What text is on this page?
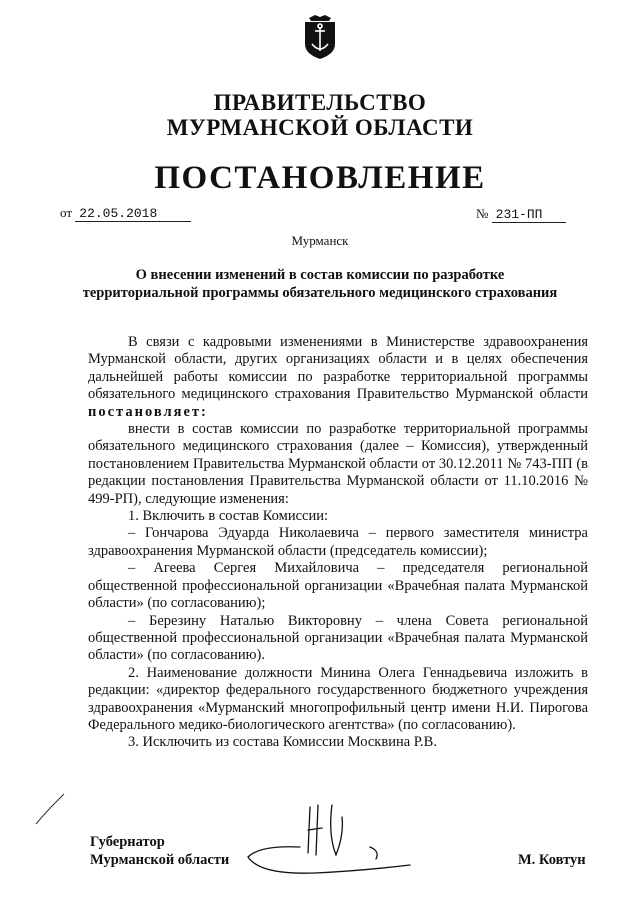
ПРАВИТЕЛЬСТВО
МУРМАНСКОЙ ОБЛАСТИ
ПОСТАНОВЛЕНИЕ
от 22.05.2018	№ 231-ПП
Мурманск
О внесении изменений в состав комиссии по разработке
территориальной программы обязательного медицинского страхования

В связи с кадровыми изменениями в Министерстве здравоохранения Мурманской области, других организациях области и в целях обеспечения дальнейшей работы комиссии по разработке территориальной программы обязательного медицинского страхования Правительство Мурманской области постановляет:

внести в состав комиссии по разработке территориальной программы обязательного медицинского страхования (далее – Комиссия), утвержденный постановлением Правительства Мурманской области от 30.12.2011 № 743-ПП (в редакции постановления Правительства Мурманской области от 11.10.2016 № 499-РП), следующие изменения:

1. Включить в состав Комиссии:

– Гончарова Эдуарда Николаевича – первого заместителя министра здравоохранения Мурманской области (председатель комиссии);

– Агеева Сергея Михайловича – председателя региональной общественной профессиональной организации «Врачебная палата Мурманской области» (по согласованию);

– Березину Наталью Викторовну – члена Совета региональной общественной профессиональной организации «Врачебная палата Мурманской области» (по согласованию).

2. Наименование должности Минина Олега Геннадьевича изложить в редакции: «директор федерального государственного бюджетного учреждения здравоохранения «Мурманский многопрофильный центр имени Н.И. Пирогова Федерального медико-биологического агентства» (по согласованию).

3. Исключить из состава Комиссии Москвина Р.В.

Губернатор
Мурманской области	М. Ковтун
